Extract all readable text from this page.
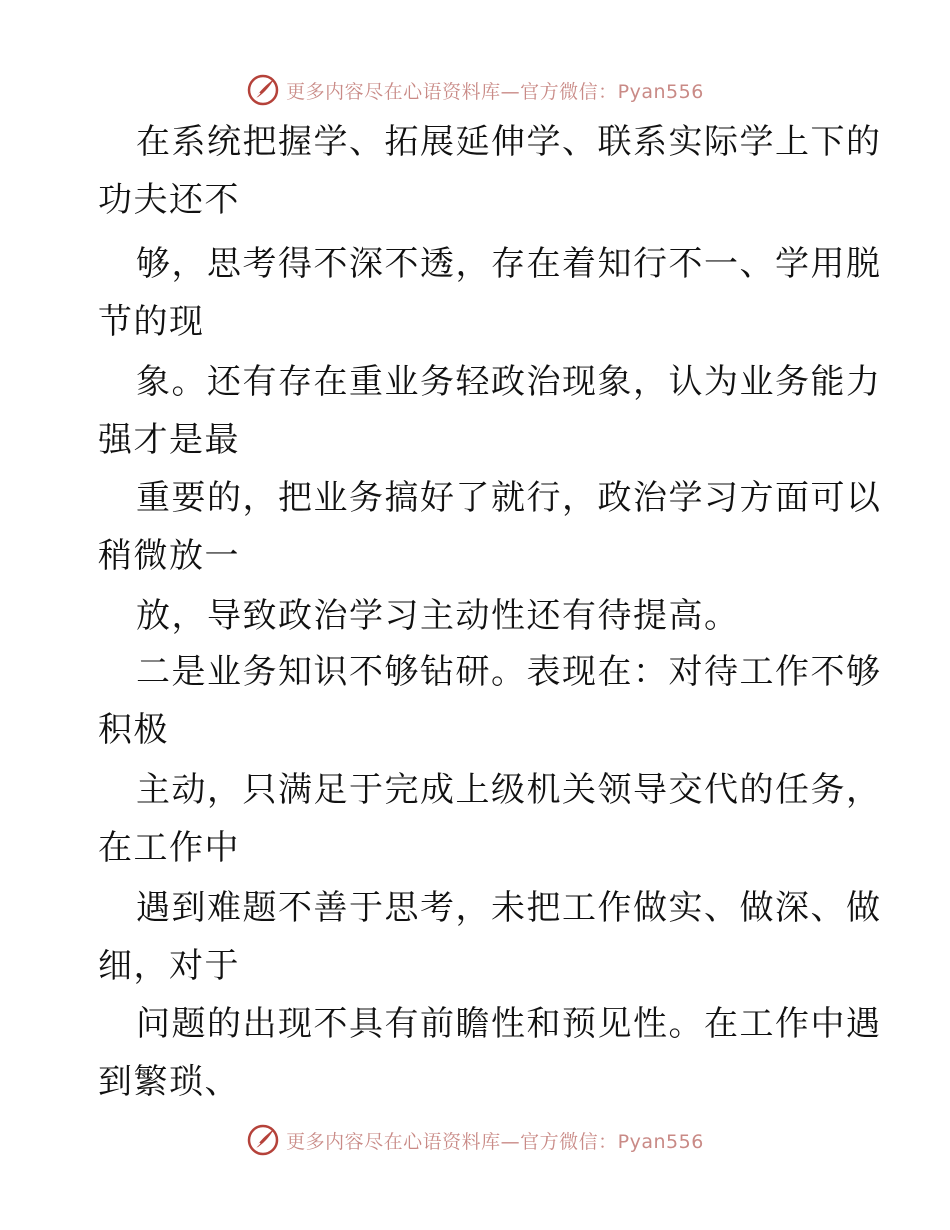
更多内容尽在心语资料库—官方微信：Pyan556
在系统把握学、拓展延伸学、联系实际学上下的
功夫还不
够，思考得不深不透，存在着知行不一、学用脱
节的现
象。还有存在重业务轻政治现象，认为业务能力
强才是最
重要的，把业务搞好了就行，政治学习方面可以
稍微放一
放，导致政治学习主动性还有待提高。
二是业务知识不够钻研。表现在：对待工作不够
积极
主动，只满足于完成上级机关领导交代的任务，
在工作中
遇到难题不善于思考，未把工作做实、做深、做
细，对于
问题的出现不具有前瞻性和预见性。在工作中遇
到繁琐、
更多内容尽在心语资料库—官方微信：Pyan556
